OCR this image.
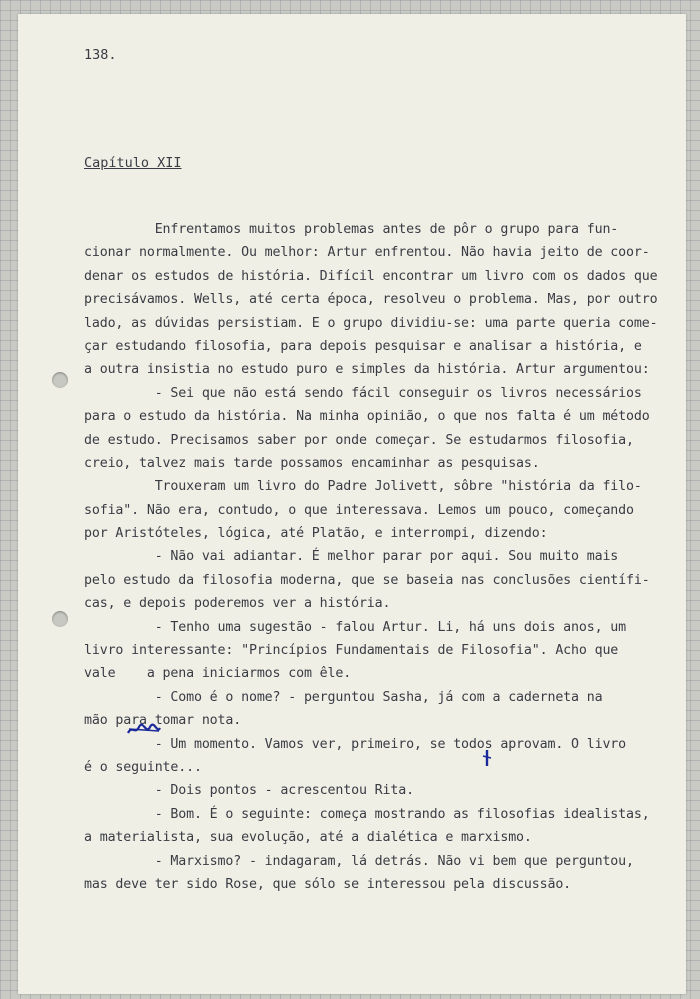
138.
Capítulo XII
Enfrentamos muitos problemas antes de pôr o grupo para fun-
cionar normalmente. Ou melhor: Artur enfrentou. Não havia jeito de coor-
denar os estudos de história. Difícil encontrar um livro com os dados que
precisávamos. Wells, até certa época, resolveu o problema. Mas, por outro
lado, as dúvidas persistiam. E o grupo dividiu-se: uma parte queria come-
çar estudando filosofia, para depois pesquisar e analisar a história, e
a outra insistia no estudo puro e simples da história. Artur argumentou:
- Sei que não está sendo fácil conseguir os livros necessários
para o estudo da história. Na minha opinião, o que nos falta é um método
de estudo. Precisamos saber por onde começar. Se estudarmos filosofia,
creio, talvez mais tarde possamos encaminhar as pesquisas.
Trouxeram um livro do Padre Jolivett, sôbre "história da filo-
sofia". Não era, contudo, o que interessava. Lemos um pouco, começando
por Aristóteles, lógica, até Platão, e interrompi, dizendo:
- Não vai adiantar. É melhor parar por aqui. Sou muito mais
pelo estudo da filosofia moderna, que se baseia nas conclusões científi-
cas, e depois poderemos ver a história.
- Tenho uma sugestão - falou Artur. Li, há uns dois anos, um
livro interessante: "Princípios Fundamentais de Filosofia". Acho que
vale    a pena iniciarmos com êle.
- Como é o nome? - perguntou Sasha, já com a caderneta na
mão para tomar nota.
- Um momento. Vamos ver, primeiro, se todos aprovam. O livro
é o seguinte...
- Dois pontos - acrescentou Rita.
- Bom. É o seguinte: começa mostrando as filosofias idealistas,
a materialista, sua evolução, até a dialética e marxismo.
- Marxismo? - indagaram, lá detrás. Não vi bem que perguntou,
mas deve ter sido Rose, que sólo se interessou pela discussão.
